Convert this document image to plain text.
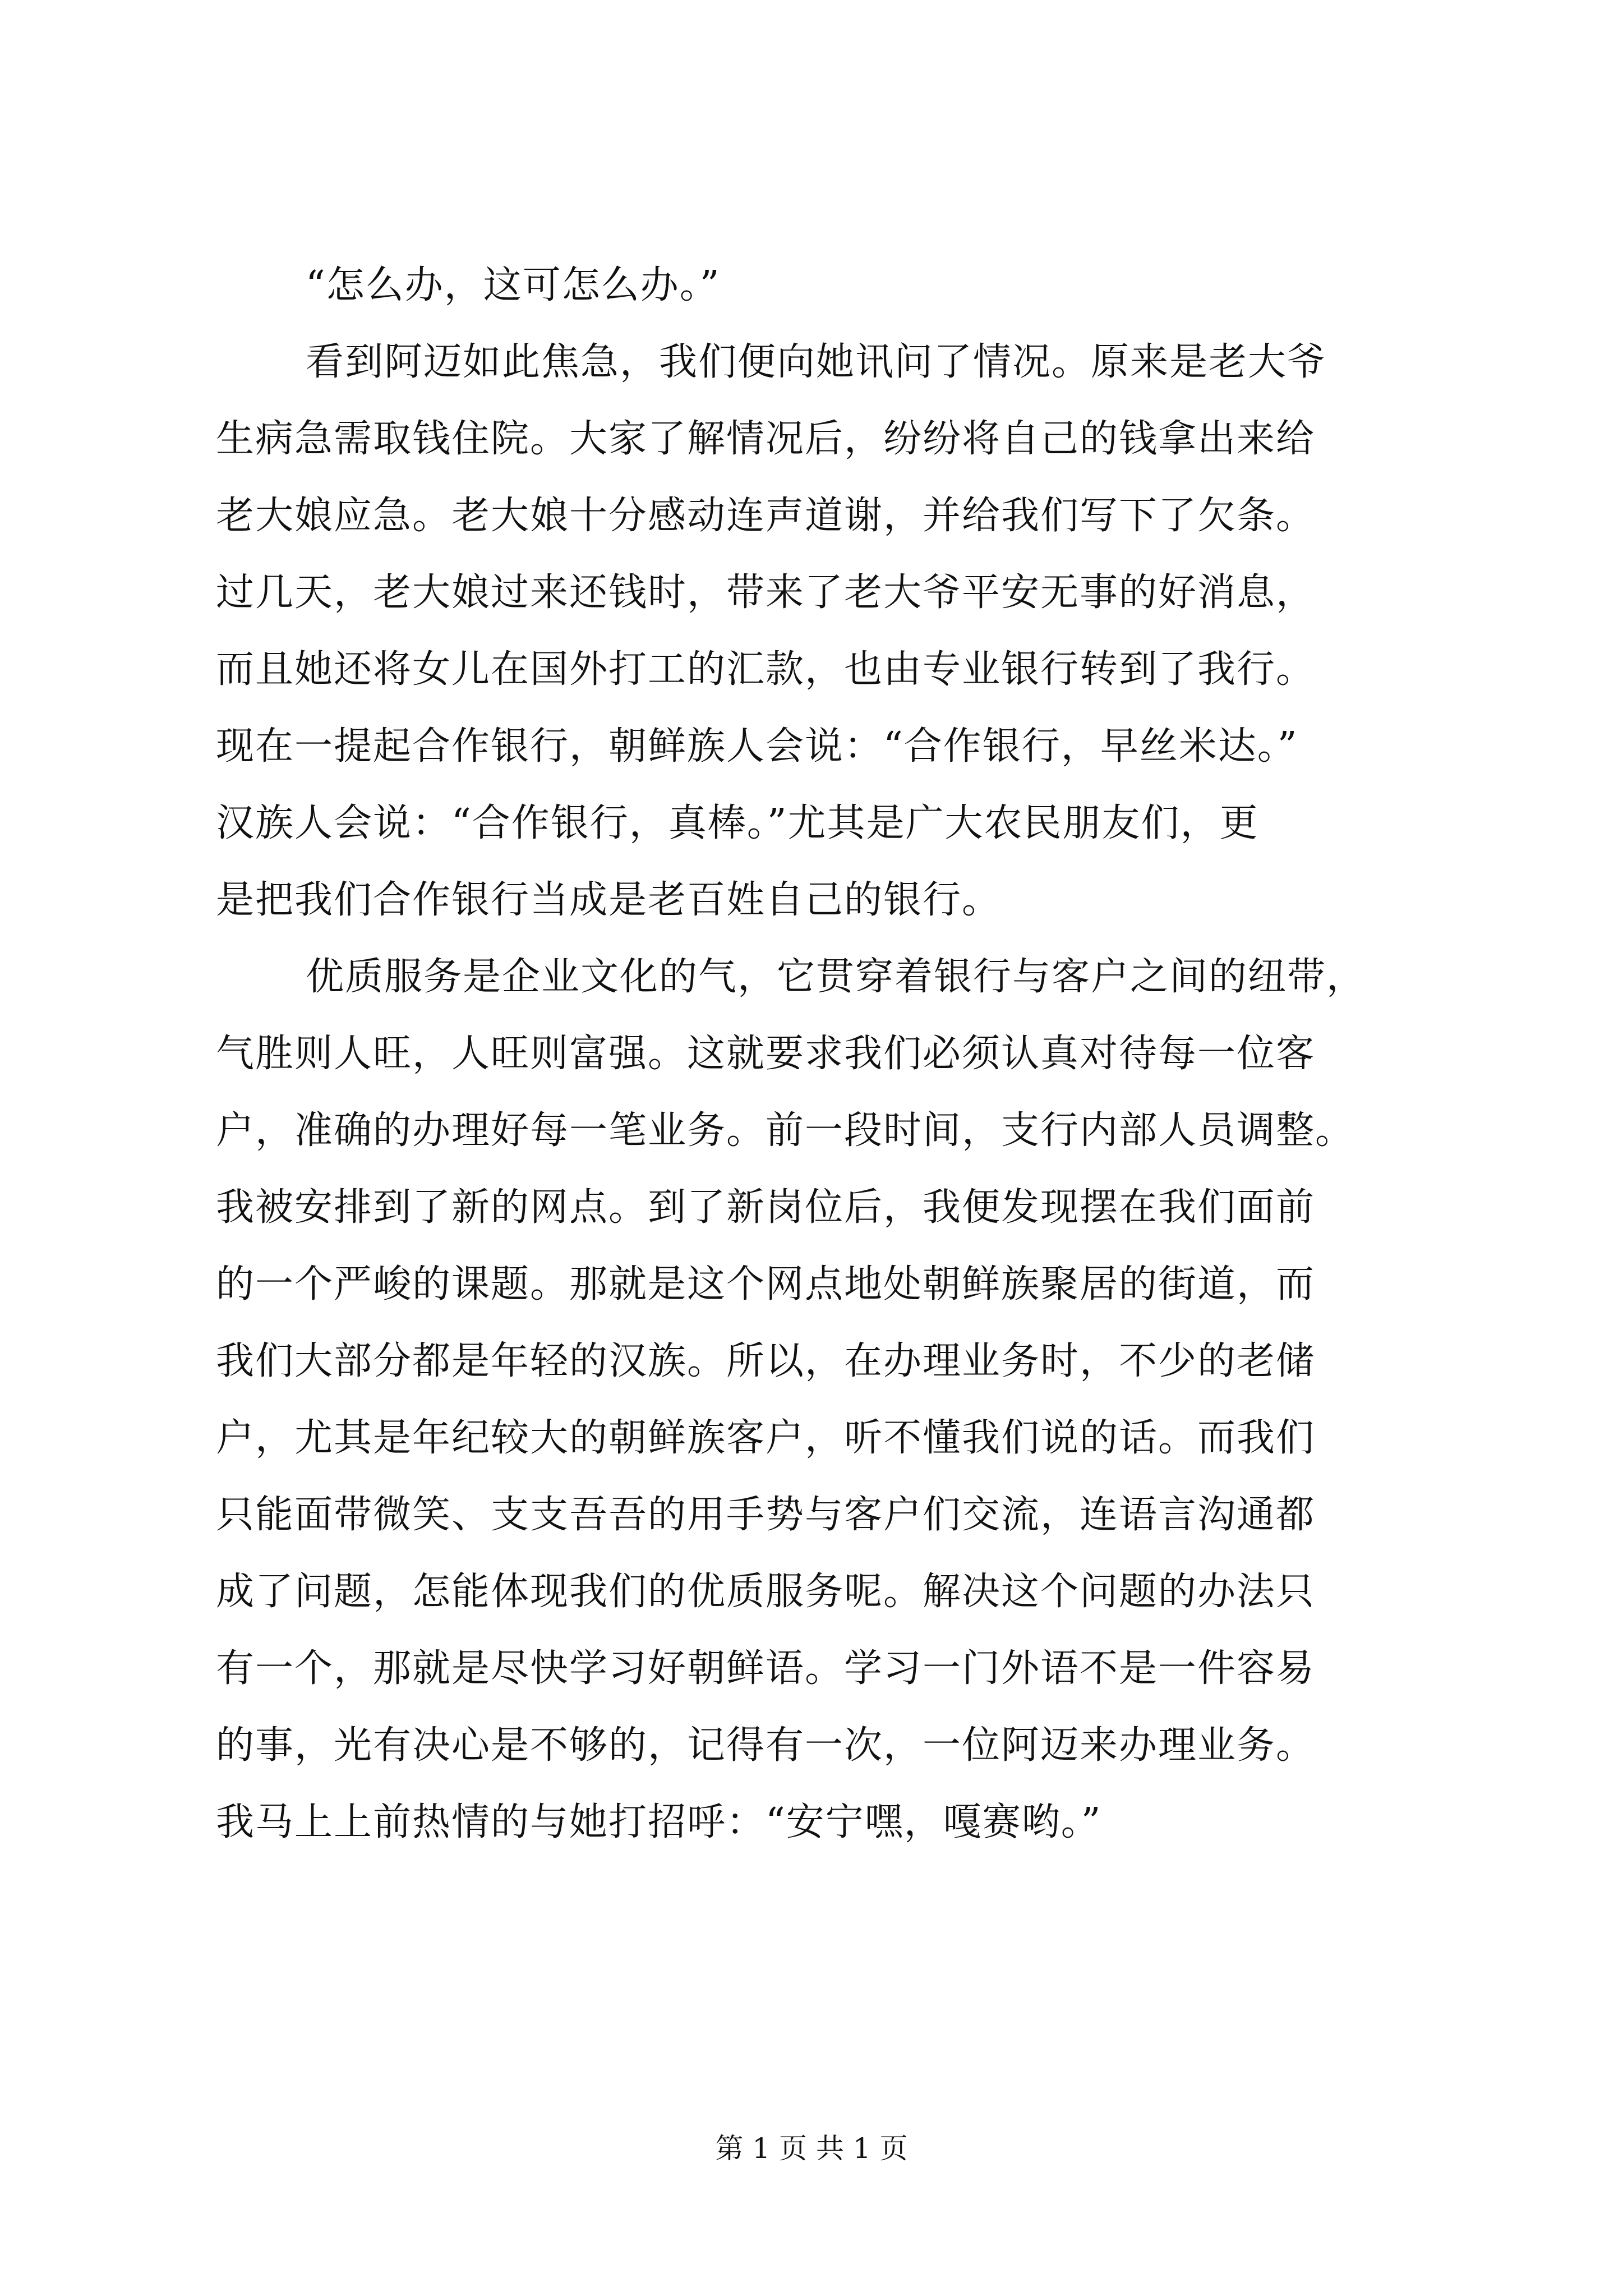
“怎么办，这可怎么办。”
看到阿迈如此焦急，我们便向她讯问了情况。原来是老大爷
生病急需取钱住院。大家了解情况后，纷纷将自己的钱拿出来给
老大娘应急。老大娘十分感动连声道谢，并给我们写下了欠条。
过几天，老大娘过来还钱时，带来了老大爷平安无事的好消息，
而且她还将女儿在国外打工的汇款，也由专业银行转到了我行。
现在一提起合作银行，朝鲜族人会说：“合作银行，早丝米达。”
汉族人会说：“合作银行，真棒。”尤其是广大农民朋友们，更
是把我们合作银行当成是老百姓自己的银行。
优质服务是企业文化的气，它贯穿着银行与客户之间的纽带，
气胜则人旺，人旺则富强。这就要求我们必须认真对待每一位客
户，准确的办理好每一笔业务。前一段时间，支行内部人员调整。
我被安排到了新的网点。到了新岗位后，我便发现摆在我们面前
的一个严峻的课题。那就是这个网点地处朝鲜族聚居的街道，而
我们大部分都是年轻的汉族。所以，在办理业务时，不少的老储
户，尤其是年纪较大的朝鲜族客户，听不懂我们说的话。而我们
只能面带微笑、支支吾吾的用手势与客户们交流，连语言沟通都
成了问题，怎能体现我们的优质服务呢。解决这个问题的办法只
有一个，那就是尽快学习好朝鲜语。学习一门外语不是一件容易
的事，光有决心是不够的，记得有一次，一位阿迈来办理业务。
我马上上前热情的与她打招呼：“安宁嘿，嘎赛哟。”
第 1 页 共 1 页
